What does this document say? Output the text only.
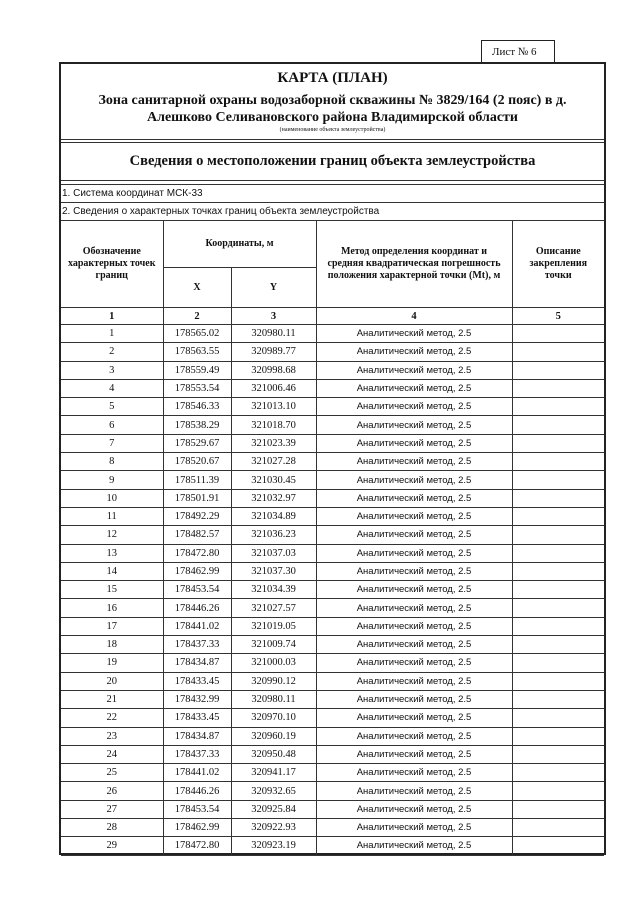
Лист № 6
КАРТА (ПЛАН)
Зона санитарной охраны водозаборной скважины № 3829/164 (2 пояс) в д.
Алешково Селивановского района Владимирской области
(наименование объекта землеустройства)
Сведения о местоположении границ объекта землеустройства
1. Система координат МСК-33
2. Сведения о характерных точках границ объекта землеустройства
Обозначение характерных точек границ	Координаты, м		Метод определения координат и средняя квадратическая погрешность положения характерной точки (Mt), м	Описание закрепления точки
	X	Y		
1	2	3	4	5
1	178565.02	320980.11	Аналитический метод, 2.5	
2	178563.55	320989.77	Аналитический метод, 2.5	
3	178559.49	320998.68	Аналитический метод, 2.5	
4	178553.54	321006.46	Аналитический метод, 2.5	
5	178546.33	321013.10	Аналитический метод, 2.5	
6	178538.29	321018.70	Аналитический метод, 2.5	
7	178529.67	321023.39	Аналитический метод, 2.5	
8	178520.67	321027.28	Аналитический метод, 2.5	
9	178511.39	321030.45	Аналитический метод, 2.5	
10	178501.91	321032.97	Аналитический метод, 2.5	
11	178492.29	321034.89	Аналитический метод, 2.5	
12	178482.57	321036.23	Аналитический метод, 2.5	
13	178472.80	321037.03	Аналитический метод, 2.5	
14	178462.99	321037.30	Аналитический метод, 2.5	
15	178453.54	321034.39	Аналитический метод, 2.5	
16	178446.26	321027.57	Аналитический метод, 2.5	
17	178441.02	321019.05	Аналитический метод, 2.5	
18	178437.33	321009.74	Аналитический метод, 2.5	
19	178434.87	321000.03	Аналитический метод, 2.5	
20	178433.45	320990.12	Аналитический метод, 2.5	
21	178432.99	320980.11	Аналитический метод, 2.5	
22	178433.45	320970.10	Аналитический метод, 2.5	
23	178434.87	320960.19	Аналитический метод, 2.5	
24	178437.33	320950.48	Аналитический метод, 2.5	
25	178441.02	320941.17	Аналитический метод, 2.5	
26	178446.26	320932.65	Аналитический метод, 2.5	
27	178453.54	320925.84	Аналитический метод, 2.5	
28	178462.99	320922.93	Аналитический метод, 2.5	
29	178472.80	320923.19	Аналитический метод, 2.5	
